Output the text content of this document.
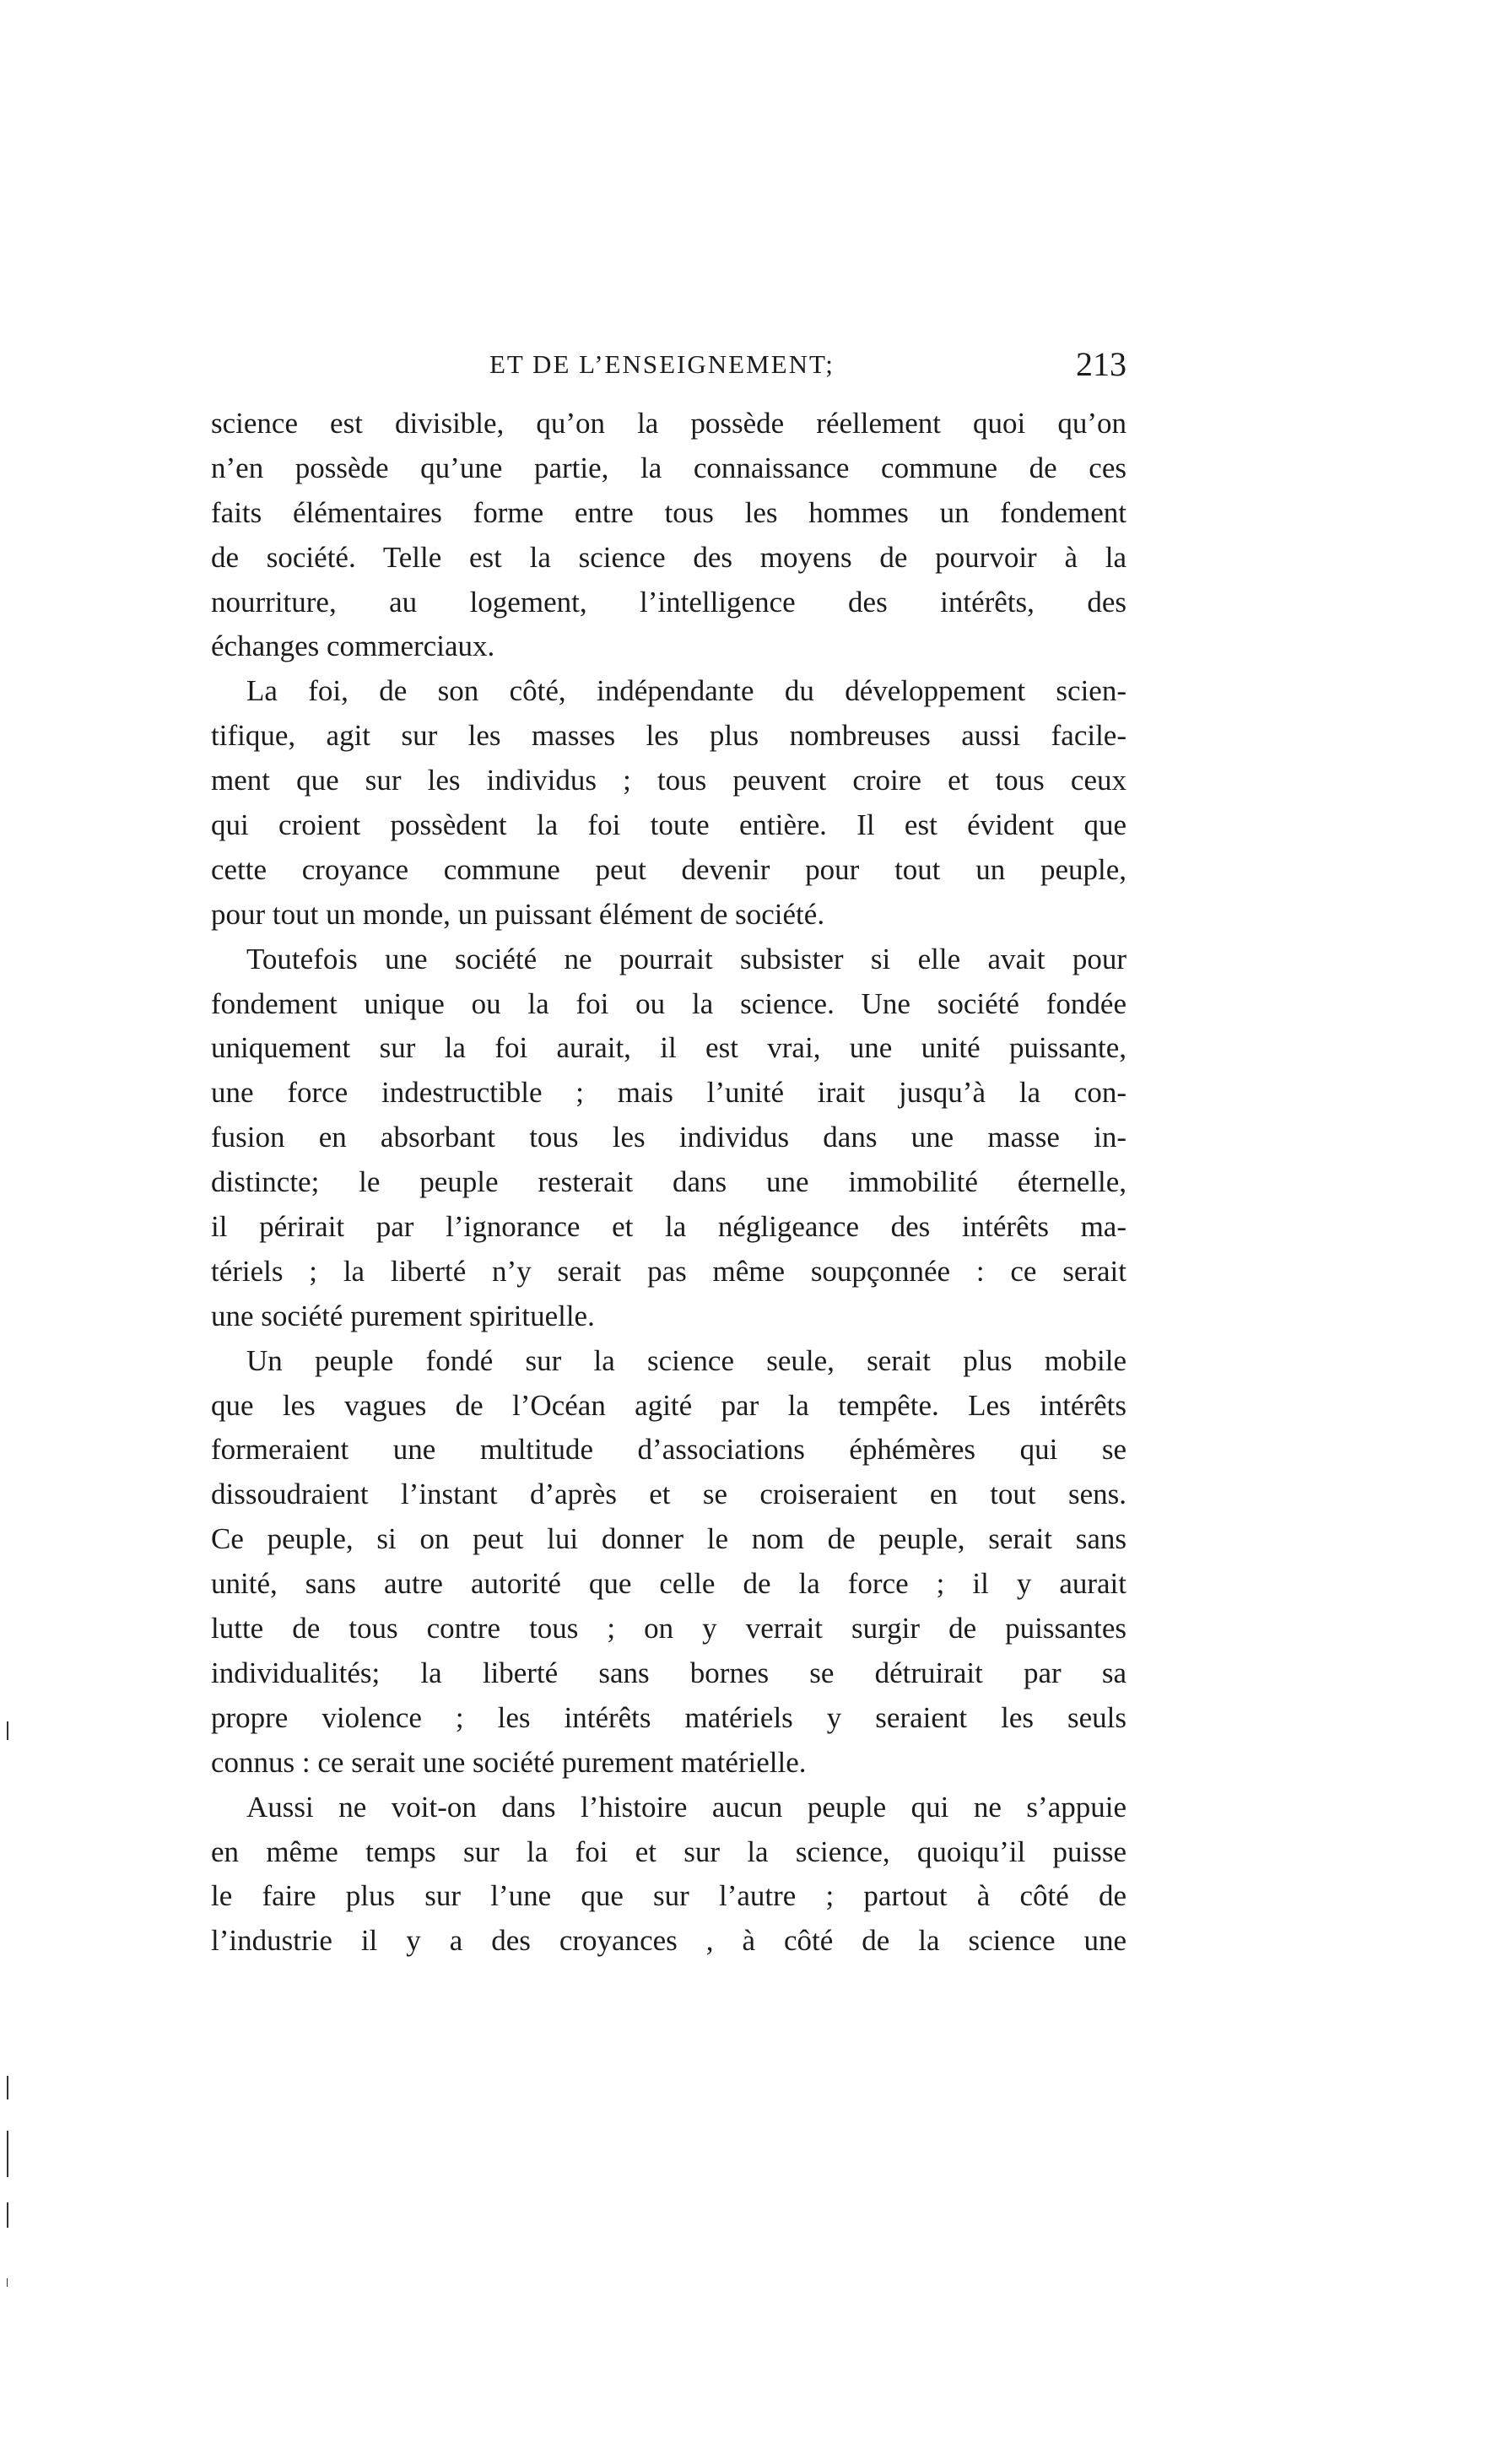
ET DE L’ENSEIGNEMENT;	213
science est divisible, qu’on la possède réellement quoi qu’on
n’en possède qu’une partie, la connaissance commune de ces
faits élémentaires forme entre tous les hommes un fondement
de société. Telle est la science des moyens de pourvoir à la
nourriture, au logement, l’intelligence des intérêts, des
échanges commerciaux.
La foi, de son côté, indépendante du développement scien-
tifique, agit sur les masses les plus nombreuses aussi facile-
ment que sur les individus ; tous peuvent croire et tous ceux
qui croient possèdent la foi toute entière. Il est évident que
cette croyance commune peut devenir pour tout un peuple,
pour tout un monde, un puissant élément de société.
Toutefois une société ne pourrait subsister si elle avait pour
fondement unique ou la foi ou la science. Une société fondée
uniquement sur la foi aurait, il est vrai, une unité puissante,
une force indestructible ; mais l’unité irait jusqu’à la con-
fusion en absorbant tous les individus dans une masse in-
distincte; le peuple resterait dans une immobilité éternelle,
il périrait par l’ignorance et la négligeance des intérêts ma-
tériels ; la liberté n’y serait pas même soupçonnée : ce serait
une société purement spirituelle.
Un peuple fondé sur la science seule, serait plus mobile
que les vagues de l’Océan agité par la tempête. Les intérêts
formeraient une multitude d’associations éphémères qui se
dissoudraient l’instant d’après et se croiseraient en tout sens.
Ce peuple, si on peut lui donner le nom de peuple, serait sans
unité, sans autre autorité que celle de la force ; il y aurait
lutte de tous contre tous ; on y verrait surgir de puissantes
individualités; la liberté sans bornes se détruirait par sa
propre violence ; les intérêts matériels y seraient les seuls
connus : ce serait une société purement matérielle.
Aussi ne voit-on dans l’histoire aucun peuple qui ne s’appuie
en même temps sur la foi et sur la science, quoiqu’il puisse
le faire plus sur l’une que sur l’autre ; partout à côté de
l’industrie il y a des croyances , à côté de la science une
